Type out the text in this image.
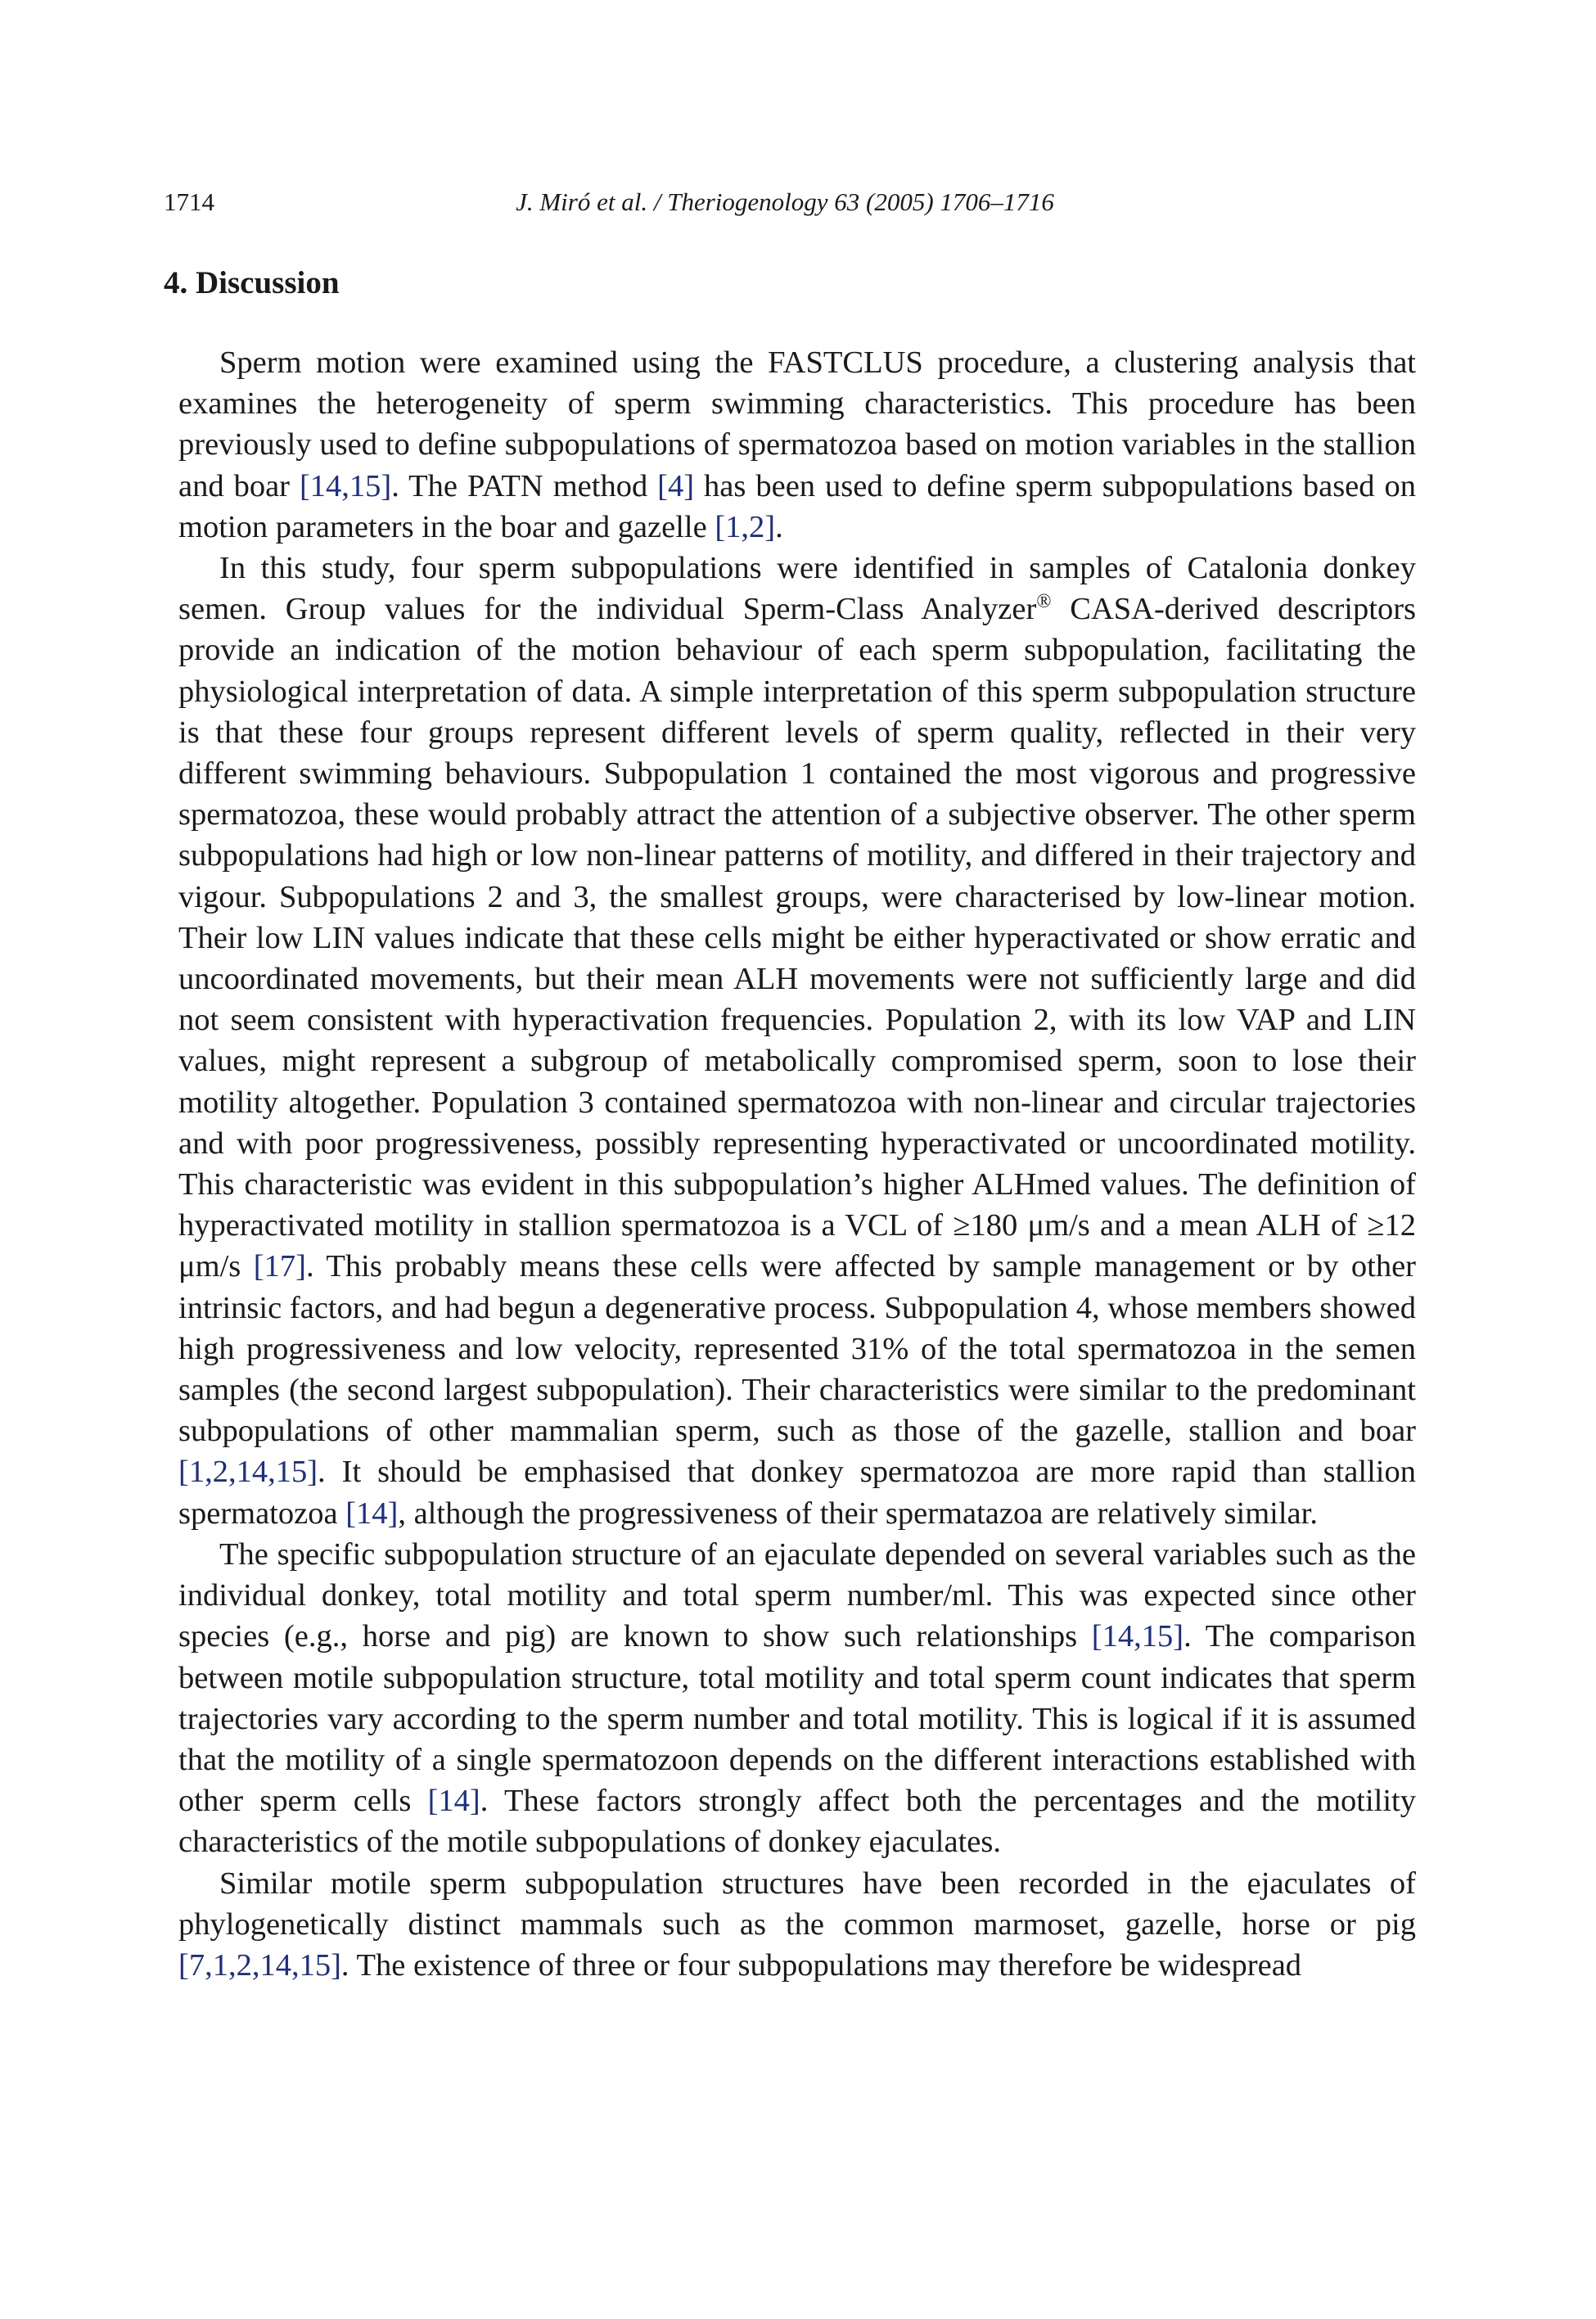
1714	J. Miró et al. / Theriogenology 63 (2005) 1706–1716
4. Discussion

Sperm motion were examined using the FASTCLUS procedure, a clustering analysis that examines the heterogeneity of sperm swimming characteristics. This procedure has been previously used to define subpopulations of spermatozoa based on motion variables in the stallion and boar [14,15]. The PATN method [4] has been used to define sperm subpopulations based on motion parameters in the boar and gazelle [1,2].

In this study, four sperm subpopulations were identified in samples of Catalonia donkey semen. Group values for the individual Sperm-Class Analyzer® CASA-derived descriptors provide an indication of the motion behaviour of each sperm subpopulation, facilitating the physiological interpretation of data. A simple interpretation of this sperm subpopulation structure is that these four groups represent different levels of sperm quality, reflected in their very different swimming behaviours. Subpopulation 1 contained the most vigorous and progressive spermatozoa, these would probably attract the attention of a subjective observer. The other sperm subpopulations had high or low non-linear patterns of motility, and differed in their trajectory and vigour. Subpopulations 2 and 3, the smallest groups, were characterised by low-linear motion. Their low LIN values indicate that these cells might be either hyperactivated or show erratic and uncoordinated movements, but their mean ALH movements were not sufficiently large and did not seem consistent with hyperactivation frequencies. Population 2, with its low VAP and LIN values, might represent a subgroup of metabolically compromised sperm, soon to lose their motility altogether. Population 3 contained spermatozoa with non-linear and circular trajectories and with poor progressiveness, possibly representing hyperactivated or uncoordinated motility. This characteristic was evident in this subpopulation’s higher ALHmed values. The definition of hyperactivated motility in stallion spermatozoa is a VCL of ≥180 μm/s and a mean ALH of ≥12 μm/s [17]. This probably means these cells were affected by sample management or by other intrinsic factors, and had begun a degenerative process. Subpopulation 4, whose members showed high progressiveness and low velocity, represented 31% of the total spermatozoa in the semen samples (the second largest subpopulation). Their characteristics were similar to the predominant subpopulations of other mammalian sperm, such as those of the gazelle, stallion and boar [1,2,14,15]. It should be emphasised that donkey spermatozoa are more rapid than stallion spermatozoa [14], although the progressiveness of their spermatazoa are relatively similar.

The specific subpopulation structure of an ejaculate depended on several variables such as the individual donkey, total motility and total sperm number/ml. This was expected since other species (e.g., horse and pig) are known to show such relationships [14,15]. The comparison between motile subpopulation structure, total motility and total sperm count indicates that sperm trajectories vary according to the sperm number and total motility. This is logical if it is assumed that the motility of a single spermatozoon depends on the different interactions established with other sperm cells [14]. These factors strongly affect both the percentages and the motility characteristics of the motile subpopulations of donkey ejaculates.

Similar motile sperm subpopulation structures have been recorded in the ejaculates of phylogenetically distinct mammals such as the common marmoset, gazelle, horse or pig [7,1,2,14,15]. The existence of three or four subpopulations may therefore be widespread
